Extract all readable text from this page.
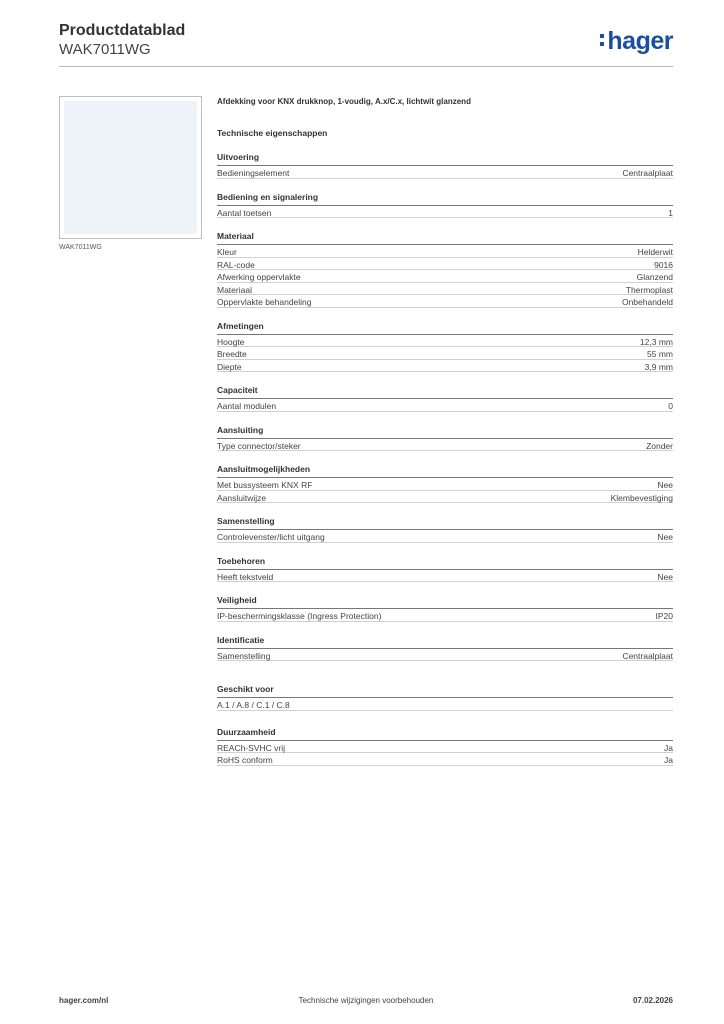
Productdatablad
WAK7011WG	hager
WAK7011WG
Afdekking voor KNX drukknop, 1-voudig, A.x/C.x, lichtwit glanzend
Technische eigenschappen
Uitvoering
Bedieningselement	Centraalplaat
Bediening en signalering
Aantal toetsen	1
Materiaal
Kleur	Helderwit
RAL-code	9016
Afwerking oppervlakte	Glanzend
Materiaal	Thermoplast
Oppervlakte behandeling	Onbehandeld
Afmetingen
Hoogte	12,3 mm
Breedte	55 mm
Diepte	3,9 mm
Capaciteit
Aantal modulen	0
Aansluiting
Type connector/steker	Zonder
Aansluitmogelijkheden
Met bussysteem KNX RF	Nee
Aansluitwijze	Klembevestiging
Samenstelling
Controlevenster/licht uitgang	Nee
Toebehoren
Heeft tekstveld	Nee
Veiligheid
IP-beschermingsklasse (Ingress Protection)	IP20
Identificatie
Samenstelling	Centraalplaat
Geschikt voor
A.1 / A.8 / C.1 / C.8
Duurzaamheid
REACh-SVHC vrij	Ja
RoHS conform	Ja
hager.com/nl	Technische wijzigingen voorbehouden	07.02.2026
